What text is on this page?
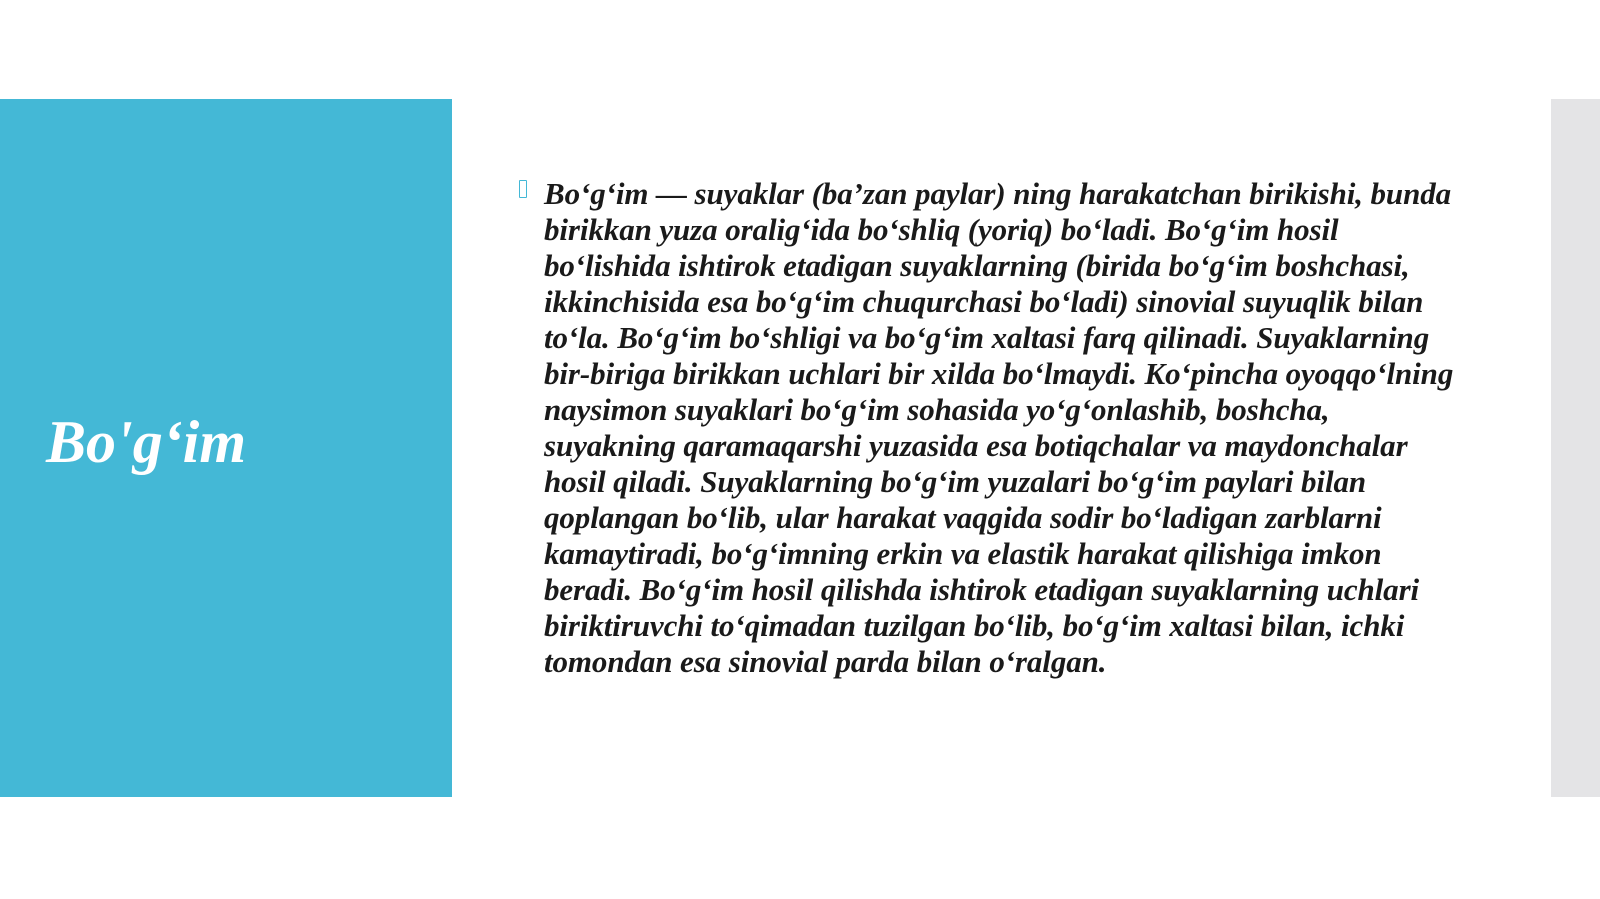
Bo'g‘im

Bo‘g‘im — suyaklar (ba’zan paylar) ning harakatchan birikishi, bunda birikkan yuza oralig‘ida bo‘shliq (yoriq) bo‘ladi. Bo‘g‘im hosil bo‘lishida ishtirok etadigan suyaklarning (birida bo‘g‘im boshchasi, ikkinchisida esa bo‘g‘im chuqurchasi bo‘ladi) sinovial suyuqlik bilan to‘la. Bo‘g‘im bo‘shligi va bo‘g‘im xaltasi farq qilinadi. Suyaklarning bir-biriga birikkan uchlari bir xilda bo‘lmaydi. Ko‘pincha oyoqqo‘lning naysimon suyaklari bo‘g‘im sohasida yo‘g‘onlashib, boshcha, suyakning qaramaqarshi yuzasida esa botiqchalar va maydonchalar hosil qiladi. Suyaklarning bo‘g‘im yuzalari bo‘g‘im paylari bilan qoplangan bo‘lib, ular harakat vaqgida sodir bo‘ladigan zarblarni kamaytiradi, bo‘g‘imning erkin va elastik harakat qilishiga imkon beradi. Bo‘g‘im hosil qilishda ishtirok etadigan suyaklarning uchlari biriktiruvchi to‘qimadan tuzilgan bo‘lib, bo‘g‘im xaltasi bilan, ichki tomondan esa sinovial parda bilan o‘ralgan.
